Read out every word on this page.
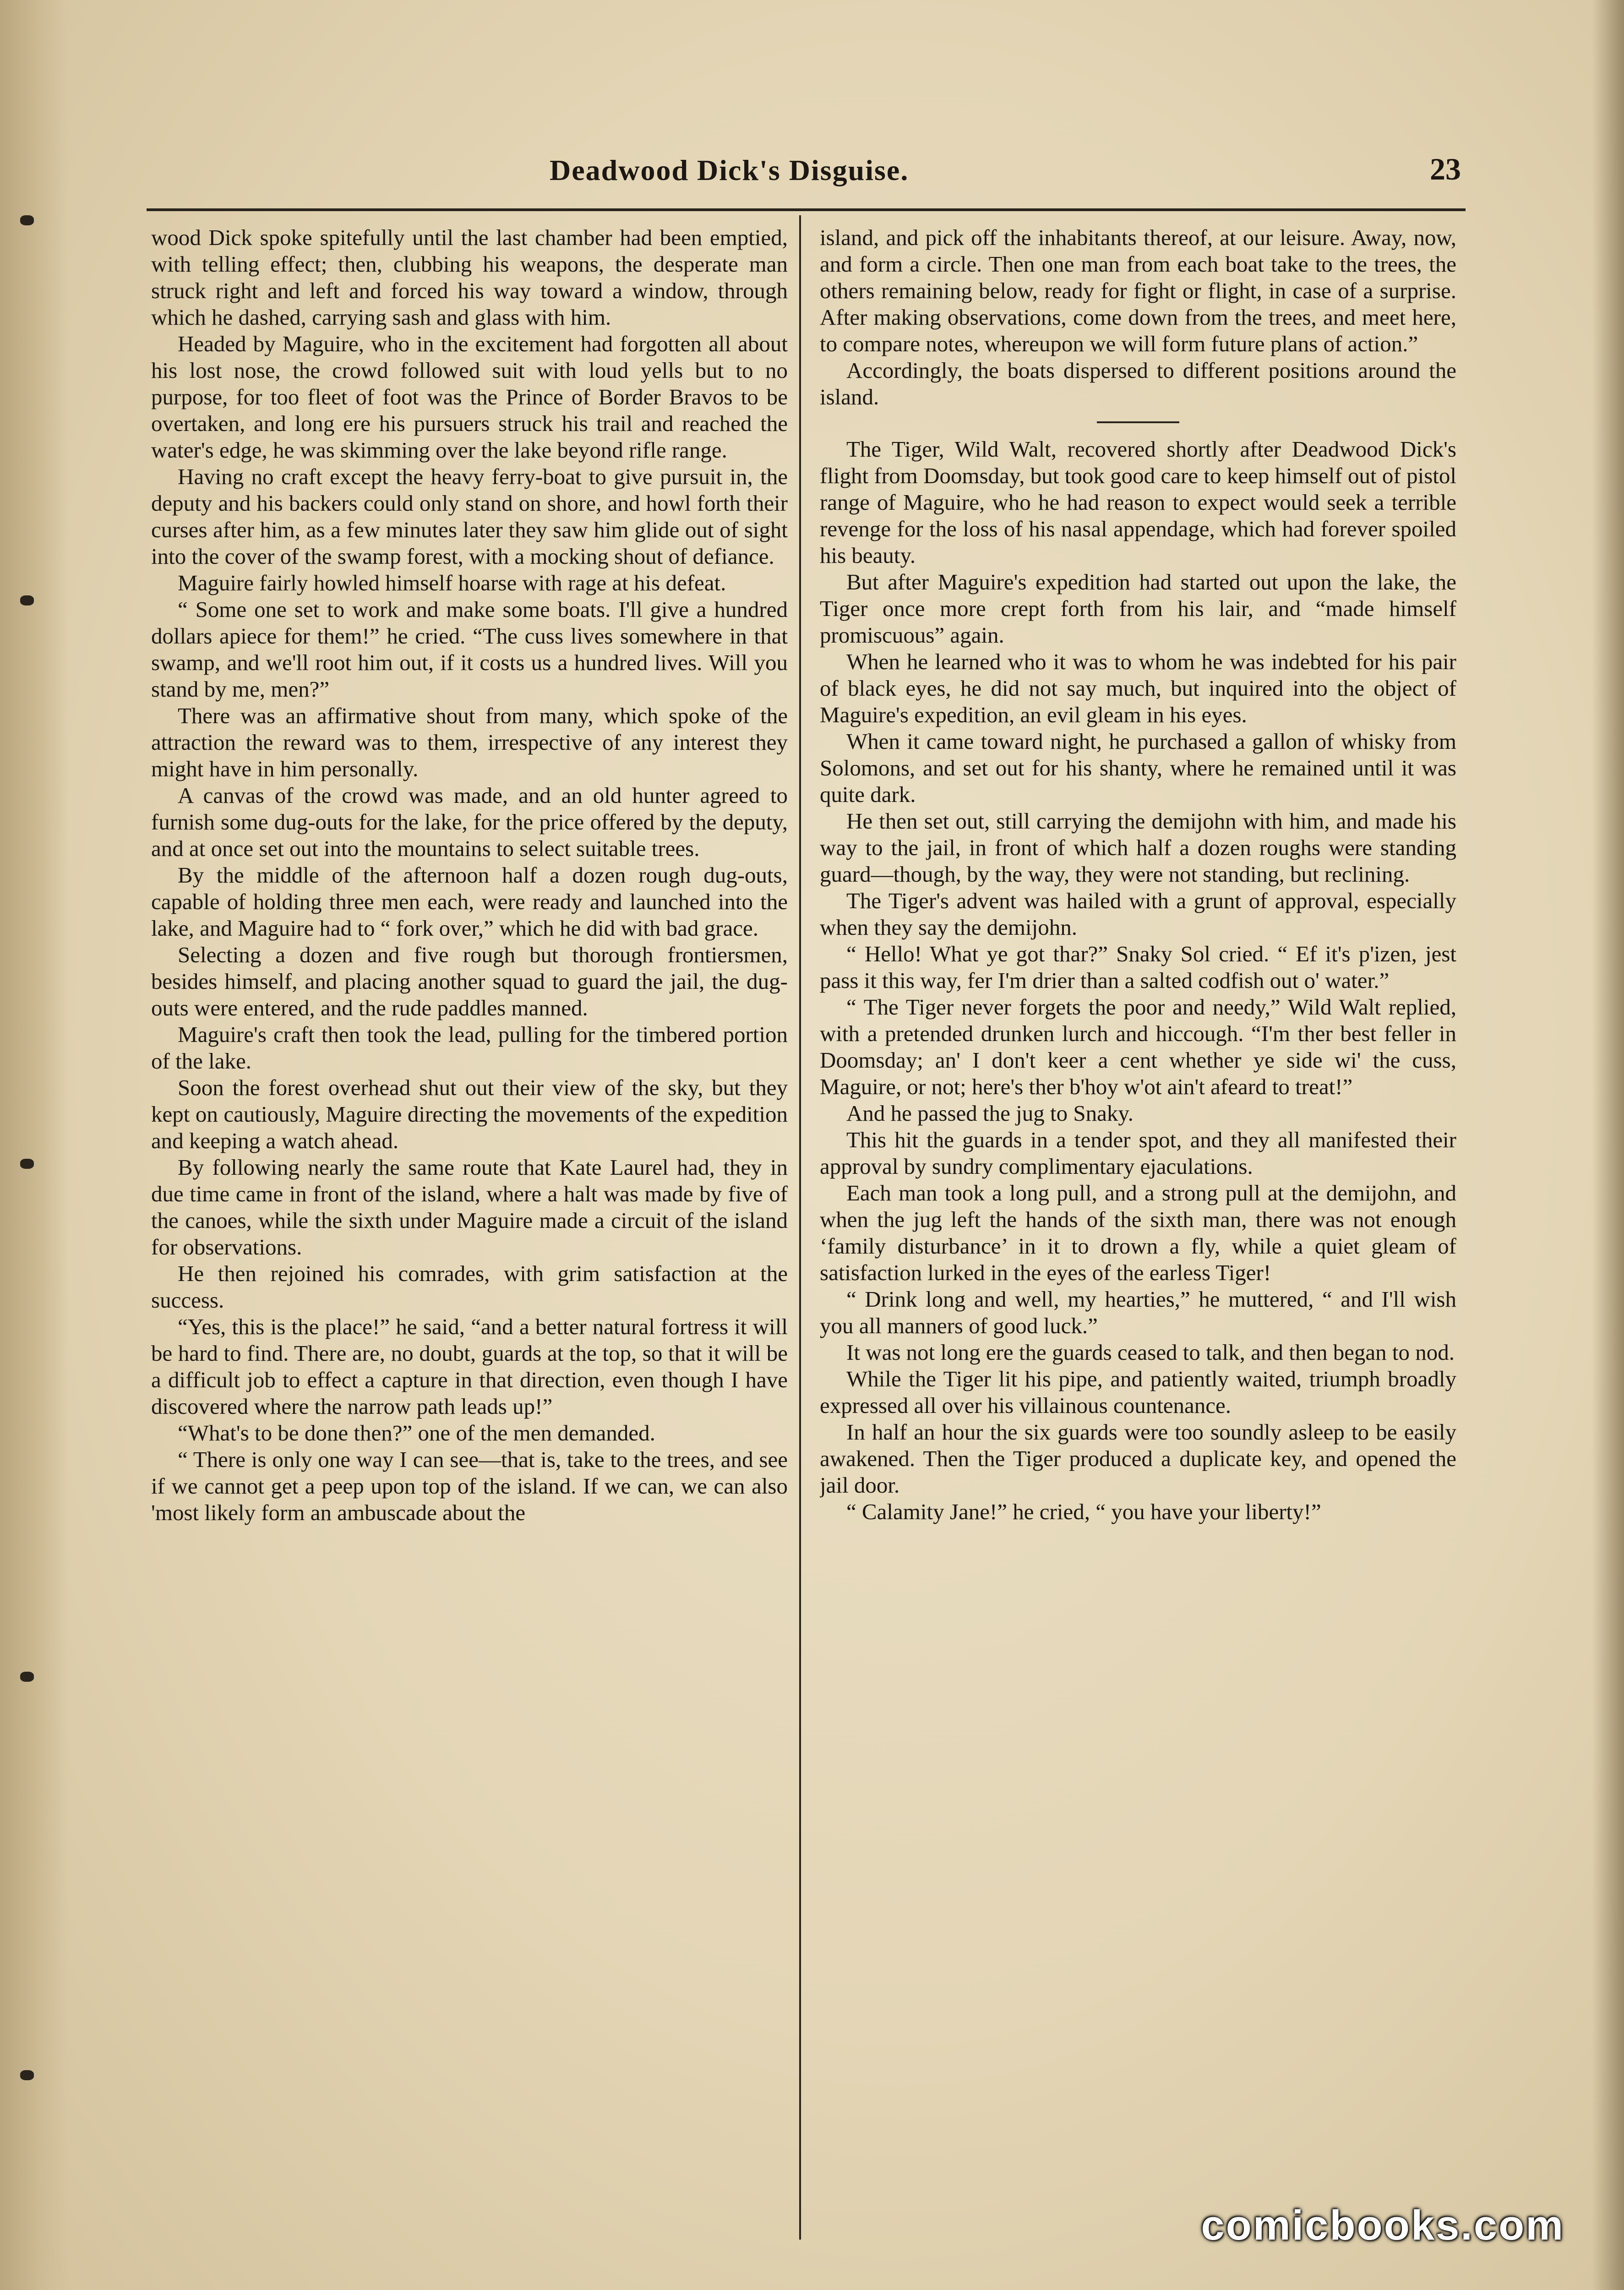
Deadwood Dick's Disguise.	23

wood Dick spoke spitefully until the last chamber had been emptied, with telling effect; then, clubbing his weapons, the desperate man struck right and left and forced his way toward a window, through which he dashed, carrying sash and glass with him.

Headed by Maguire, who in the excitement had forgotten all about his lost nose, the crowd followed suit with loud yells but to no purpose, for too fleet of foot was the Prince of Border Bravos to be overtaken, and long ere his pursuers struck his trail and reached the water's edge, he was skimming over the lake beyond rifle range.

Having no craft except the heavy ferry-boat to give pursuit in, the deputy and his backers could only stand on shore, and howl forth their curses after him, as a few minutes later they saw him glide out of sight into the cover of the swamp forest, with a mocking shout of defiance.

Maguire fairly howled himself hoarse with rage at his defeat.

“ Some one set to work and make some boats. I'll give a hundred dollars apiece for them!” he cried. “The cuss lives somewhere in that swamp, and we'll root him out, if it costs us a hundred lives. Will you stand by me, men?”

There was an affirmative shout from many, which spoke of the attraction the reward was to them, irrespective of any interest they might have in him personally.

A canvas of the crowd was made, and an old hunter agreed to furnish some dug-outs for the lake, for the price offered by the deputy, and at once set out into the mountains to select suitable trees.

By the middle of the afternoon half a dozen rough dug-outs, capable of holding three men each, were ready and launched into the lake, and Maguire had to “ fork over,” which he did with bad grace.

Selecting a dozen and five rough but thorough frontiersmen, besides himself, and placing another squad to guard the jail, the dug-outs were entered, and the rude paddles manned.

Maguire's craft then took the lead, pulling for the timbered portion of the lake.

Soon the forest overhead shut out their view of the sky, but they kept on cautiously, Maguire directing the movements of the expedition and keeping a watch ahead.

By following nearly the same route that Kate Laurel had, they in due time came in front of the island, where a halt was made by five of the canoes, while the sixth under Maguire made a circuit of the island for observations.

He then rejoined his comrades, with grim satisfaction at the success.

“Yes, this is the place!” he said, “and a better natural fortress it will be hard to find. There are, no doubt, guards at the top, so that it will be a difficult job to effect a capture in that direction, even though I have discovered where the narrow path leads up!”

“What's to be done then?” one of the men demanded.

“ There is only one way I can see—that is, take to the trees, and see if we cannot get a peep upon top of the island. If we can, we can also 'most likely form an ambuscade about the

island, and pick off the inhabitants thereof, at our leisure. Away, now, and form a circle. Then one man from each boat take to the trees, the others remaining below, ready for fight or flight, in case of a surprise. After making observations, come down from the trees, and meet here, to compare notes, whereupon we will form future plans of action.”

Accordingly, the boats dispersed to different positions around the island.

The Tiger, Wild Walt, recovered shortly after Deadwood Dick's flight from Doomsday, but took good care to keep himself out of pistol range of Maguire, who he had reason to expect would seek a terrible revenge for the loss of his nasal appendage, which had forever spoiled his beauty.

But after Maguire's expedition had started out upon the lake, the Tiger once more crept forth from his lair, and “made himself promiscuous” again.

When he learned who it was to whom he was indebted for his pair of black eyes, he did not say much, but inquired into the object of Maguire's expedition, an evil gleam in his eyes.

When it came toward night, he purchased a gallon of whisky from Solomons, and set out for his shanty, where he remained until it was quite dark.

He then set out, still carrying the demijohn with him, and made his way to the jail, in front of which half a dozen roughs were standing guard—though, by the way, they were not standing, but reclining.

The Tiger's advent was hailed with a grunt of approval, especially when they say the demijohn.

“ Hello! What ye got thar?” Snaky Sol cried. “ Ef it's p'izen, jest pass it this way, fer I'm drier than a salted codfish out o' water.”

“ The Tiger never forgets the poor and needy,” Wild Walt replied, with a pretended drunken lurch and hiccough. “I'm ther best feller in Doomsday; an' I don't keer a cent whether ye side wi' the cuss, Maguire, or not; here's ther b'hoy w'ot ain't afeard to treat!”

And he passed the jug to Snaky.

This hit the guards in a tender spot, and they all manifested their approval by sundry complimentary ejaculations.

Each man took a long pull, and a strong pull at the demijohn, and when the jug left the hands of the sixth man, there was not enough ‘family disturbance’ in it to drown a fly, while a quiet gleam of satisfaction lurked in the eyes of the earless Tiger!

“ Drink long and well, my hearties,” he muttered, “ and I'll wish you all manners of good luck.”

It was not long ere the guards ceased to talk, and then began to nod.

While the Tiger lit his pipe, and patiently waited, triumph broadly expressed all over his villainous countenance.

In half an hour the six guards were too soundly asleep to be easily awakened. Then the Tiger produced a duplicate key, and opened the jail door.

“ Calamity Jane!” he cried, “ you have your liberty!”

comicbooks.com
